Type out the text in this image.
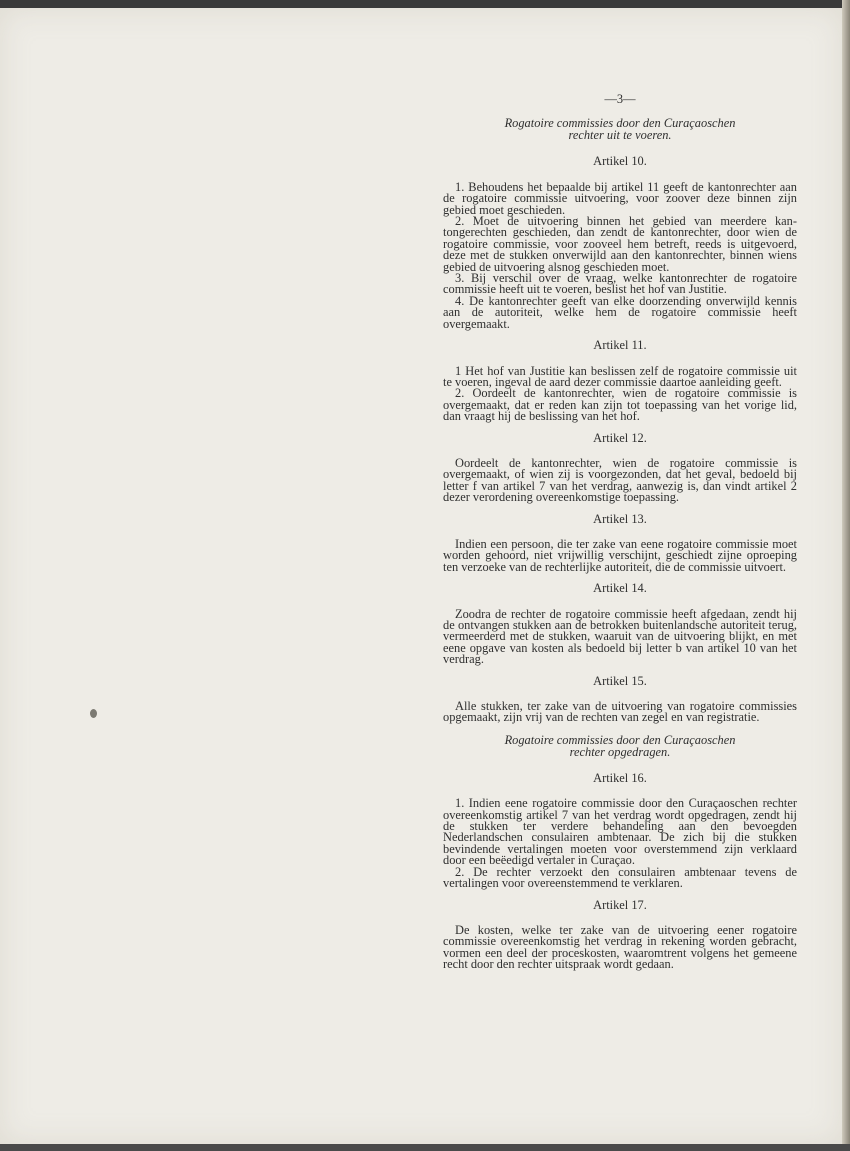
—3—
Rogatoire commissies door den Curaçaoschen
rechter uit te voeren.
Artikel 10.

1. Behoudens het bepaalde bij artikel 11 geeft de kantonrechter aan de rogatoire commissie uitvoering, voor zoover deze binnen zijn gebied moet geschieden.

2. Moet de uitvoering binnen het gebied van meerdere kantongerechten geschieden, dan zendt de kantonrechter, door wien de rogatoire commissie, voor zooveel hem betreft, reeds is uitgevoerd, deze met de stukken onverwijld aan den kantonrechter, binnen wiens gebied de uitvoering alsnog geschieden moet.

3. Bij verschil over de vraag, welke kantonrechter de rogatoire commissie heeft uit te voeren, beslist het hof van Justitie.

4. De kantonrechter geeft van elke doorzending onverwijld kennis aan de autoriteit, welke hem de rogatoire commissie heeft overgemaakt.

Artikel 11.

1 Het hof van Justitie kan beslissen zelf de rogatoire commissie uit te voeren, ingeval de aard dezer commissie daartoe aanleiding geeft.

2. Oordeelt de kantonrechter, wien de rogatoire commissie is overgemaakt, dat er reden kan zijn tot toepassing van het vorige lid, dan vraagt hij de beslissing van het hof.

Artikel 12.

Oordeelt de kantonrechter, wien de rogatoire commissie is overgemaakt, of wien zij is voorgezonden, dat het geval, bedoeld bij letter f van artikel 7 van het verdrag, aanwezig is, dan vindt artikel 2 dezer verordening overeenkomstige toepassing.

Artikel 13.

Indien een persoon, die ter zake van eene rogatoire commissie moet worden gehoord, niet vrijwillig verschijnt, geschiedt zijne oproeping ten verzoeke van de rechterlijke autoriteit, die de commissie uitvoert.

Artikel 14.

Zoodra de rechter de rogatoire commissie heeft afgedaan, zendt hij de ontvangen stukken aan de betrokken buitenlandsche autoriteit terug, vermeerderd met de stukken, waaruit van de uitvoering blijkt, en met eene opgave van kosten als bedoeld bij letter b van artikel 10 van het verdrag.

Artikel 15.

Alle stukken, ter zake van de uitvoering van rogatoire commissies opgemaakt, zijn vrij van de rechten van zegel en van registratie.

Rogatoire commissies door den Curaçaoschen
rechter opgedragen.
Artikel 16.

1. Indien eene rogatoire commissie door den Curaçaoschen rechter overeenkomstig artikel 7 van het verdrag wordt opgedragen, zendt hij de stukken ter verdere behandeling aan den bevoegden Nederlandschen consulairen ambtenaar. De zich bij die stukken bevindende vertalingen moeten voor overstemmend zijn verklaard door een beëedigd vertaler in Curaçao.

2. De rechter verzoekt den consulairen ambtenaar tevens de vertalingen voor overeenstemmend te verklaren.

Artikel 17.

De kosten, welke ter zake van de uitvoering eener rogatoire commissie overeenkomstig het verdrag in rekening worden gebracht, vormen een deel der proceskosten, waaromtrent volgens het gemeene recht door den rechter uitspraak wordt gedaan.
